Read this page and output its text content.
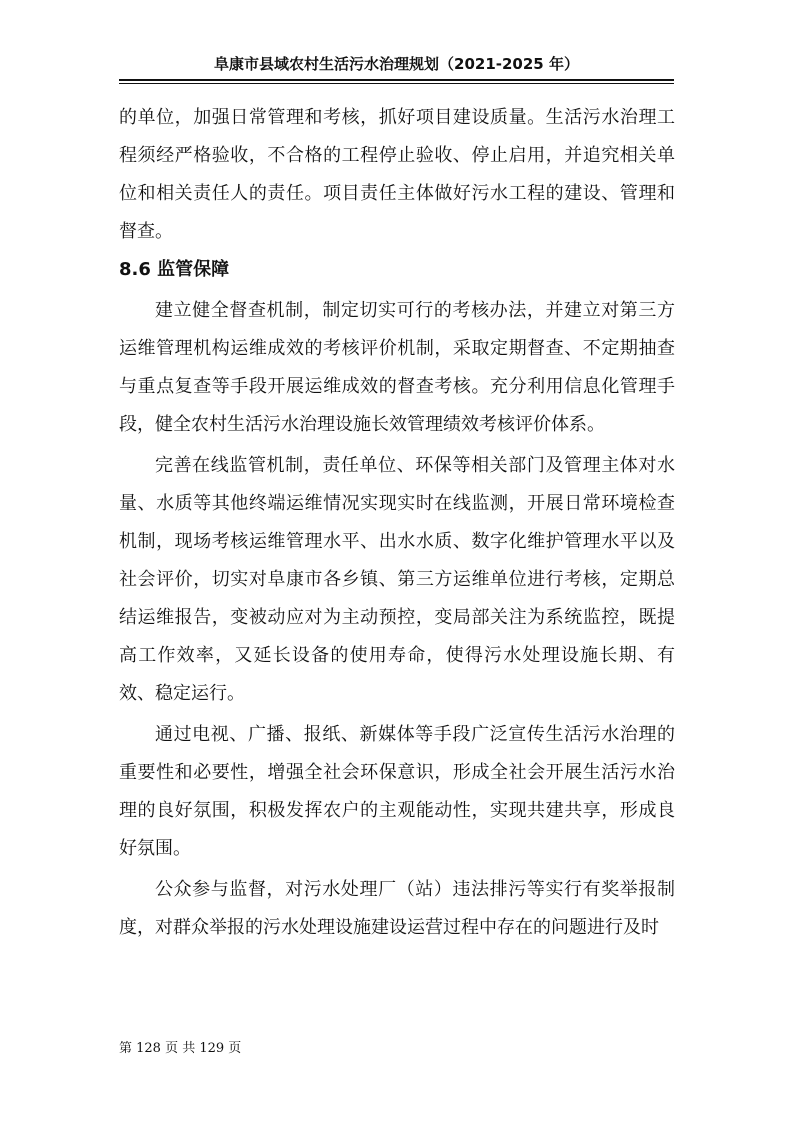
阜康市县域农村生活污水治理规划（2021-2025 年）

的单位，加强日常管理和考核，抓好项目建设质量。生活污水治理工程须经严格验收，不合格的工程停止验收、停止启用，并追究相关单位和相关责任人的责任。项目责任主体做好污水工程的建设、管理和督查。

8.6 监管保障

建立健全督查机制，制定切实可行的考核办法，并建立对第三方运维管理机构运维成效的考核评价机制，采取定期督查、不定期抽查与重点复查等手段开展运维成效的督查考核。充分利用信息化管理手段，健全农村生活污水治理设施长效管理绩效考核评价体系。

完善在线监管机制，责任单位、环保等相关部门及管理主体对水量、水质等其他终端运维情况实现实时在线监测，开展日常环境检查机制，现场考核运维管理水平、出水水质、数字化维护管理水平以及社会评价，切实对阜康市各乡镇、第三方运维单位进行考核，定期总结运维报告，变被动应对为主动预控，变局部关注为系统监控，既提高工作效率，又延长设备的使用寿命，使得污水处理设施长期、有效、稳定运行。

通过电视、广播、报纸、新媒体等手段广泛宣传生活污水治理的重要性和必要性，增强全社会环保意识，形成全社会开展生活污水治理的良好氛围，积极发挥农户的主观能动性，实现共建共享，形成良好氛围。

公众参与监督，对污水处理厂（站）违法排污等实行有奖举报制度，对群众举报的污水处理设施建设运营过程中存在的问题进行及时

第 128 页 共 129 页
